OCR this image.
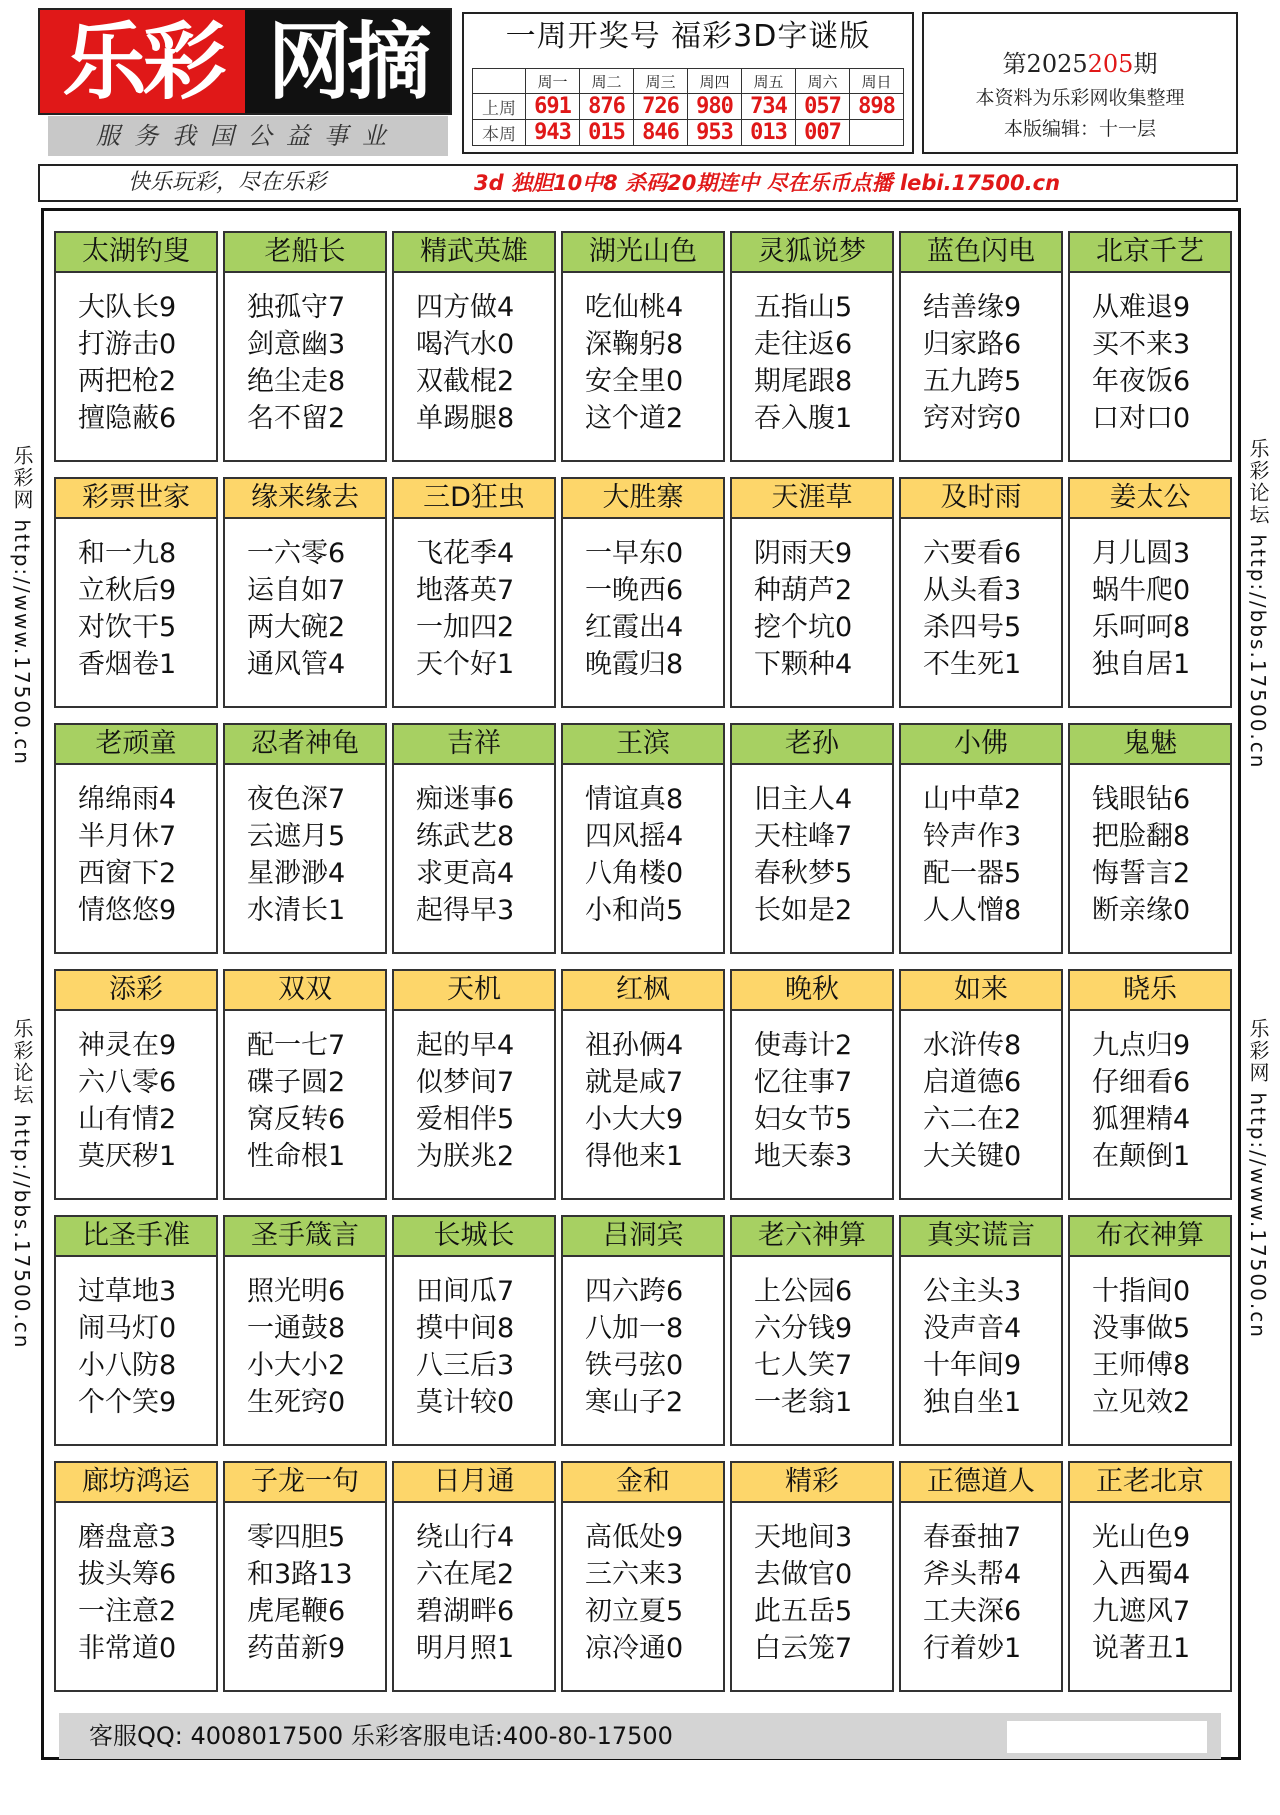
乐彩 网摘
服务我国公益事业
一周开奖号 福彩3D字谜版
	周一	周二	周三	周四	周五	周六	周日
上周	691	876	726	980	734	057	898
本周	943	015	846	953	013	007	
第2025205期
本资料为乐彩网收集整理
本版编辑：十一层
快乐玩彩，尽在乐彩	3d 独胆10中8 杀码20期连中 尽在乐币点播 lebi.17500.cn
乐彩网 http://www.17500.cn
乐彩论坛 http://bbs.17500.cn
乐彩论坛 http://bbs.17500.cn
乐彩网 http://www.17500.cn
太湖钓叟
大队长9
打游击0
两把枪2
擅隐蔽6
老船长
独孤守7
剑意幽3
绝尘走8
名不留2
精武英雄
四方做4
喝汽水0
双截棍2
单踢腿8
湖光山色
吃仙桃4
深鞠躬8
安全里0
这个道2
灵狐说梦
五指山5
走往返6
期尾跟8
吞入腹1
蓝色闪电
结善缘9
归家路6
五九跨5
窍对窍0
北京千艺
从难退9
买不来3
年夜饭6
口对口0
彩票世家
和一九8
立秋后9
对饮干5
香烟卷1
缘来缘去
一六零6
运自如7
两大碗2
通风管4
三D狂虫
飞花季4
地落英7
一加四2
天个好1
大胜寨
一早东0
一晚西6
红霞出4
晚霞归8
天涯草
阴雨天9
种葫芦2
挖个坑0
下颗种4
及时雨
六要看6
从头看3
杀四号5
不生死1
姜太公
月儿圆3
蜗牛爬0
乐呵呵8
独自居1
老顽童
绵绵雨4
半月休7
西窗下2
情悠悠9
忍者神龟
夜色深7
云遮月5
星渺渺4
水清长1
吉祥
痴迷事6
练武艺8
求更高4
起得早3
王滨
情谊真8
四风摇4
八角楼0
小和尚5
老孙
旧主人4
天柱峰7
春秋梦5
长如是2
小佛
山中草2
铃声作3
配一器5
人人憎8
鬼魅
钱眼钻6
把脸翻8
悔誓言2
断亲缘0
添彩
神灵在9
六八零6
山有情2
莫厌秽1
双双
配一七7
碟子圆2
窝反转6
性命根1
天机
起的早4
似梦间7
爱相伴5
为朕兆2
红枫
祖孙俩4
就是咸7
小大大9
得他来1
晚秋
使毒计2
忆往事7
妇女节5
地天泰3
如来
水浒传8
启道德6
六二在2
大关键0
晓乐
九点归9
仔细看6
狐狸精4
在颠倒1
比圣手准
过草地3
闹马灯0
小八防8
个个笑9
圣手箴言
照光明6
一通鼓8
小大小2
生死窍0
长城长
田间瓜7
摸中间8
八三后3
莫计较0
吕洞宾
四六跨6
八加一8
铁弓弦0
寒山子2
老六神算
上公园6
六分钱9
七人笑7
一老翁1
真实谎言
公主头3
没声音4
十年间9
独自坐1
布衣神算
十指间0
没事做5
王师傅8
立见效2
廊坊鸿运
磨盘意3
拔头筹6
一注意2
非常道0
子龙一句
零四胆5
和3路13
虎尾鞭6
药苗新9
日月通
绕山行4
六在尾2
碧湖畔6
明月照1
金和
高低处9
三六来3
初立夏5
凉冷通0
精彩
天地间3
去做官0
此五岳5
白云笼7
正德道人
春蚕抽7
斧头帮4
工夫深6
行着妙1
正老北京
光山色9
入西蜀4
九遮风7
说著丑1
客服QQ: 4008017500 乐彩客服电话:400-80-17500
